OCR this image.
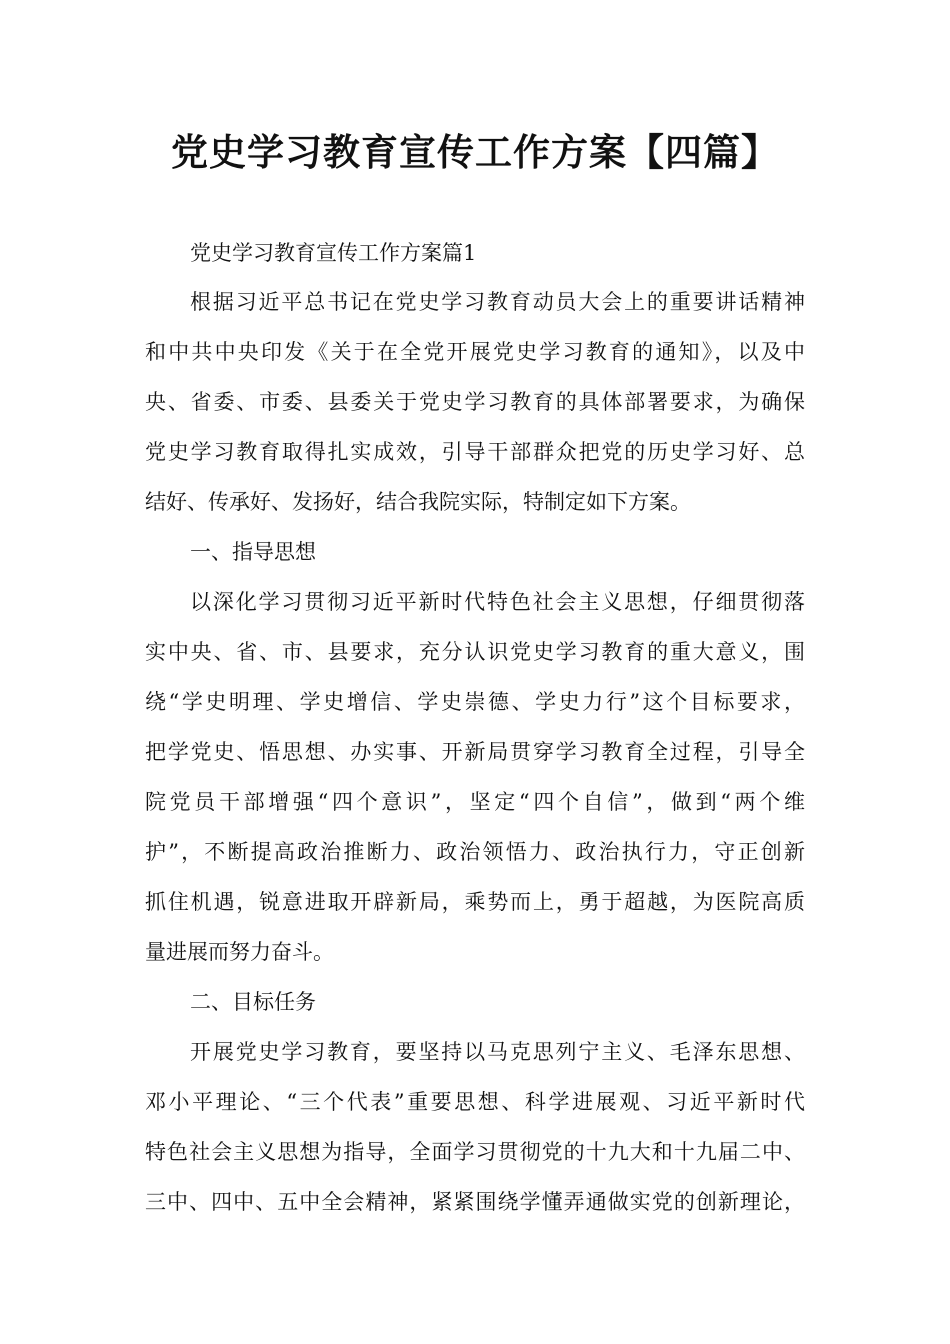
党史学习教育宣传工作方案【四篇】

党史学习教育宣传工作方案篇1

根据习近平总书记在党史学习教育动员大会上的重要讲话精神

和中共中央印发《关于在全党开展党史学习教育的通知》，以及中

央、省委、市委、县委关于党史学习教育的具体部署要求，为确保

党史学习教育取得扎实成效，引导干部群众把党的历史学习好、总

结好、传承好、发扬好，结合我院实际，特制定如下方案。

一、指导思想

以深化学习贯彻习近平新时代特色社会主义思想，仔细贯彻落

实中央、省、市、县要求，充分认识党史学习教育的重大意义，围

绕“学史明理、学史增信、学史崇德、学史力行”这个目标要求，

把学党史、悟思想、办实事、开新局贯穿学习教育全过程，引导全

院党员干部增强“四个意识”，坚定“四个自信”，做到“两个维

护”，不断提高政治推断力、政治领悟力、政治执行力，守正创新

抓住机遇，锐意进取开辟新局，乘势而上，勇于超越，为医院高质

量进展而努力奋斗。

二、目标任务

开展党史学习教育，要坚持以马克思列宁主义、毛泽东思想、

邓小平理论、“三个代表”重要思想、科学进展观、习近平新时代

特色社会主义思想为指导，全面学习贯彻党的十九大和十九届二中、

三中、四中、五中全会精神，紧紧围绕学懂弄通做实党的创新理论，
